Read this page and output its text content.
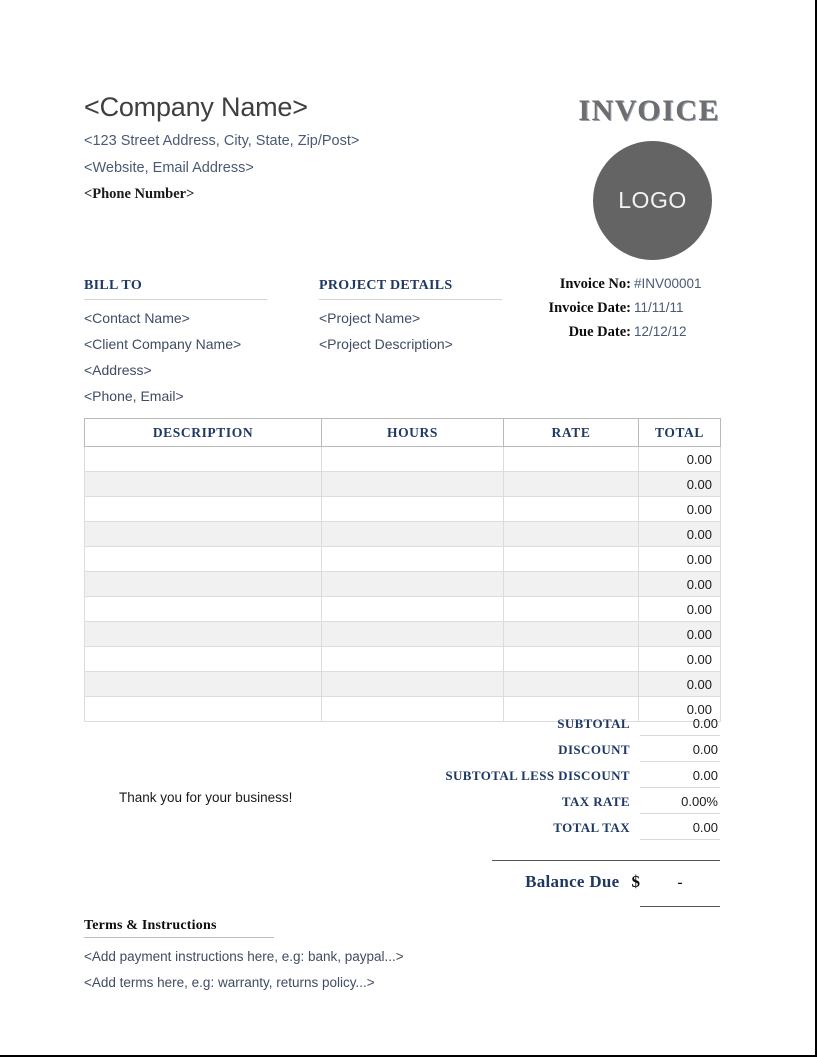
<Company Name>
<123 Street Address, City, State, Zip/Post>
<Website, Email Address>
<Phone Number>
INVOICE
LOGO
BILL TO
<Contact Name>
<Client Company Name>
<Address>
<Phone, Email>
PROJECT DETAILS
<Project Name>
<Project Description>
Invoice No: #INV00001
Invoice Date: 11/11/11
Due Date: 12/12/12
DESCRIPTION	HOURS	RATE	TOTAL
			0.00
			0.00
			0.00
			0.00
			0.00
			0.00
			0.00
			0.00
			0.00
			0.00
			0.00
SUBTOTAL	0.00
DISCOUNT	0.00
SUBTOTAL LESS DISCOUNT	0.00
TAX RATE	0.00%
TOTAL TAX	0.00
Balance Due $	-
Thank you for your business!
Terms & Instructions
<Add payment instructions here, e.g: bank, paypal...>
<Add terms here, e.g: warranty, returns policy...>
